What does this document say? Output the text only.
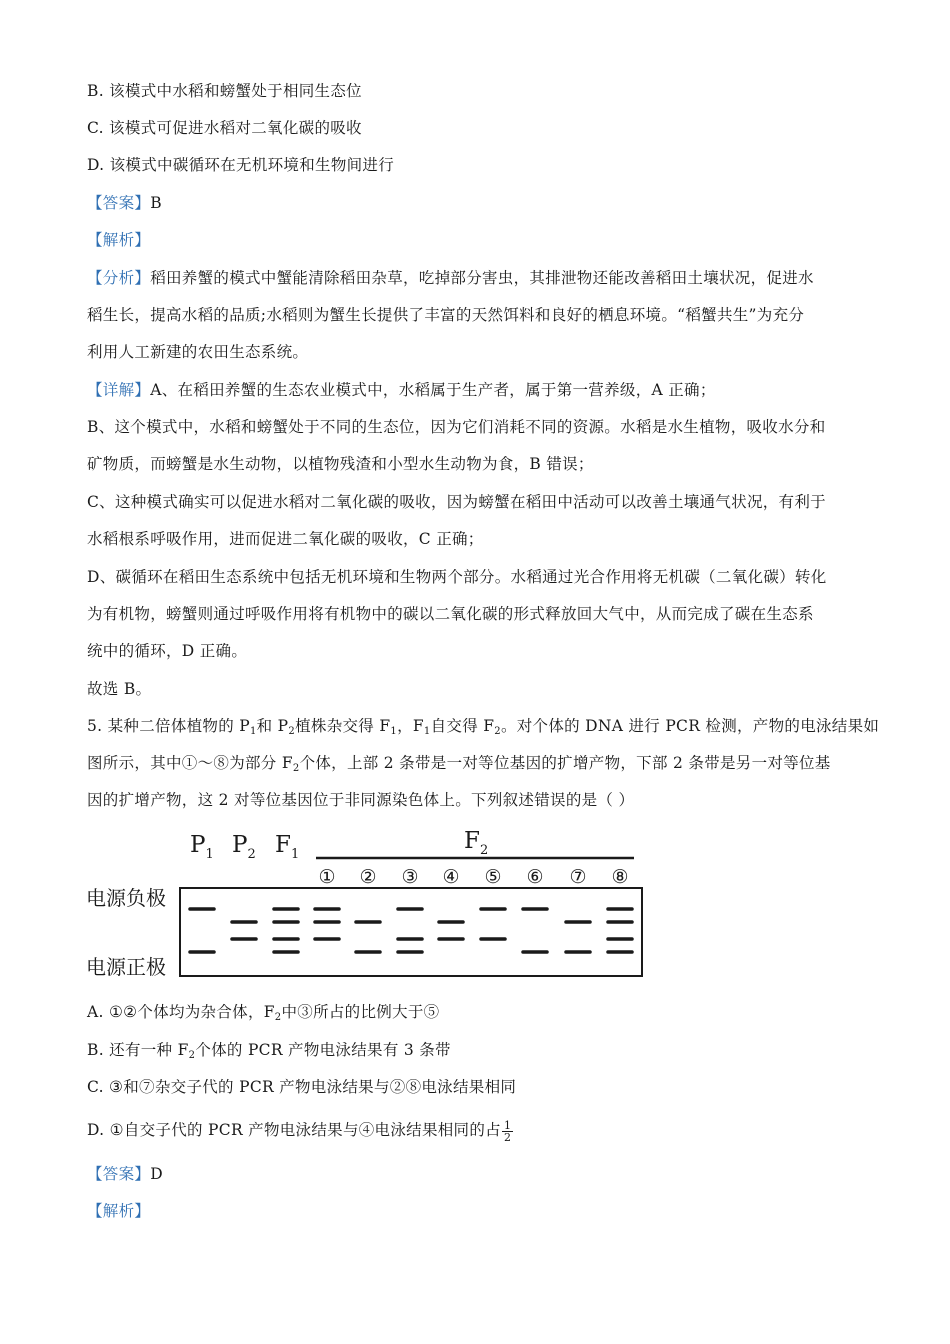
B. 该模式中水稻和螃蟹处于相同生态位
C. 该模式可促进水稻对二氧化碳的吸收
D. 该模式中碳循环在无机环境和生物间进行
【答案】B
【解析】
【分析】稻田养蟹的模式中蟹能清除稻田杂草，吃掉部分害虫，其排泄物还能改善稻田土壤状况，促进水
稻生长，提高水稻的品质;水稻则为蟹生长提供了丰富的天然饵料和良好的栖息环境。“稻蟹共生”为充分
利用人工新建的农田生态系统。
【详解】A、在稻田养蟹的生态农业模式中，水稻属于生产者，属于第一营养级，A 正确；
B、这个模式中，水稻和螃蟹处于不同的生态位，因为它们消耗不同的资源。水稻是水生植物，吸收水分和
矿物质，而螃蟹是水生动物，以植物残渣和小型水生动物为食，B 错误；
C、这种模式确实可以促进水稻对二氧化碳的吸收，因为螃蟹在稻田中活动可以改善土壤通气状况，有利于
水稻根系呼吸作用，进而促进二氧化碳的吸收，C 正确；
D、碳循环在稻田生态系统中包括无机环境和生物两个部分。水稻通过光合作用将无机碳（二氧化碳）转化
为有机物，螃蟹则通过呼吸作用将有机物中的碳以二氧化碳的形式释放回大气中，从而完成了碳在生态系
统中的循环，D 正确。
故选 B。
5. 某种二倍体植物的 $P_1$和 $P_2$植株杂交得 $F_1$，$F_1$自交得 $F_2$。对个体的 DNA 进行 PCR 检测，产物的电泳结果如
图所示，其中①～⑧为部分 $F_2$个体，上部 2 条带是一对等位基因的扩增产物，下部 2 条带是另一对等位基
因的扩增产物，这 2 对等位基因位于非同源染色体上。下列叙述错误的是（ ）
$P_1$ $P_2$ $F_1$
$F_2$
① ② ③ ④ ⑤ ⑥ ⑦ ⑧
电源负极
电源正极
A. ①②个体均为杂合体，$F_2$中③所占的比例大于⑤
B. 还有一种 $F_2$个体的 PCR 产物电泳结果有 3 条带
C. ③和⑦杂交子代的 PCR 产物电泳结果与②⑧电泳结果相同
D. ①自交子代的 PCR 产物电泳结果与④电泳结果相同的占 $\frac{1}{2}$
【答案】D
【解析】
